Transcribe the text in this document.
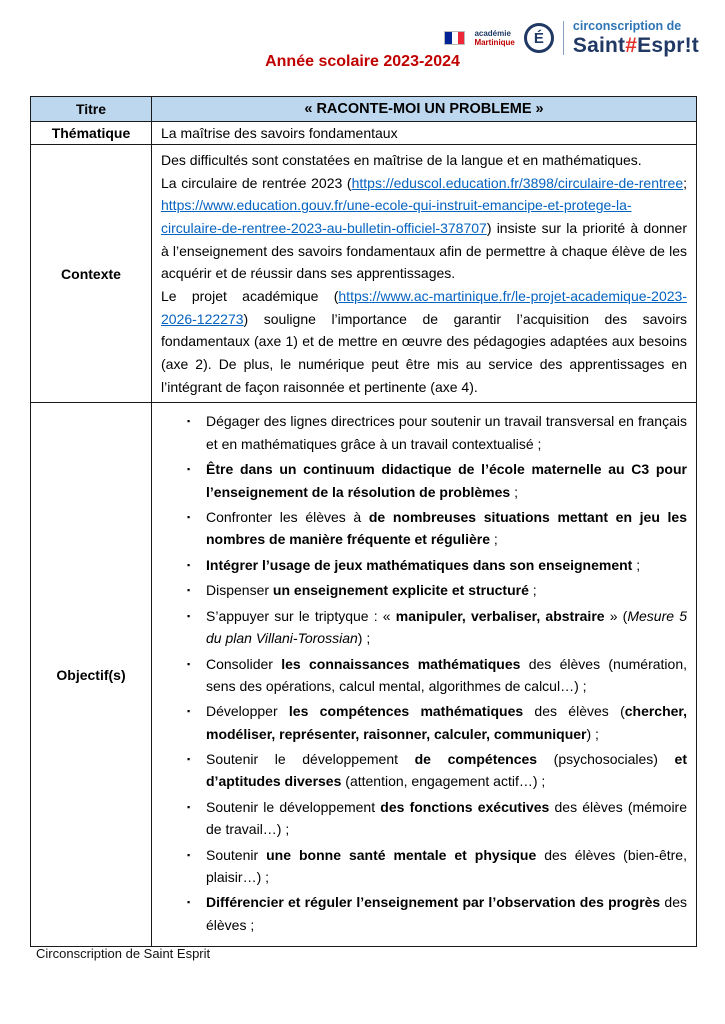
académie
Martinique	É
circonscription de
Saint#Espr!t
Année scolaire 2023-2024
Titre	« RACONTE-MOI UN PROBLEME »
Thématique	La maîtrise des savoirs fondamentaux
Contexte	Des difficultés sont constatées en maîtrise de la langue et en mathématiques.
La circulaire de rentrée 2023 (https://eduscol.education.fr/3898/circulaire-de-rentree; https://www.education.gouv.fr/une-ecole-qui-instruit-emancipe-et-protege-la-circulaire-de-rentree-2023-au-bulletin-officiel-378707) insiste sur la priorité à donner à l’enseignement des savoirs fondamentaux afin de permettre à chaque élève de les acquérir et de réussir dans ses apprentissages.
Le projet académique (https://www.ac-martinique.fr/le-projet-academique-2023-2026-122273) souligne l’importance de garantir l’acquisition des savoirs fondamentaux (axe 1) et de mettre en œuvre des pédagogies adaptées aux besoins (axe 2). De plus, le numérique peut être mis au service des apprentissages en l’intégrant de façon raisonnée et pertinente (axe 4).

Objectif(s)	
▪	Dégager des lignes directrices pour soutenir un travail transversal en français et en mathématiques grâce à un travail contextualisé ;
▪	Être dans un continuum didactique de l’école maternelle au C3 pour l’enseignement de la résolution de problèmes ;
▪	Confronter les élèves à de nombreuses situations mettant en jeu les nombres de manière fréquente et régulière ;
▪	Intégrer l’usage de jeux mathématiques dans son enseignement ;
▪	Dispenser un enseignement explicite et structuré ;
▪	S’appuyer sur le triptyque : « manipuler, verbaliser, abstraire » (Mesure 5 du plan Villani-Torossian) ;
▪	Consolider les connaissances mathématiques des élèves (numération, sens des opérations, calcul mental, algorithmes de calcul…) ;
▪	Développer les compétences mathématiques des élèves (chercher, modéliser, représenter, raisonner, calculer, communiquer) ;
▪	Soutenir le développement de compétences (psychosociales) et d’aptitudes diverses (attention, engagement actif…) ;
▪	Soutenir le développement des fonctions exécutives des élèves (mémoire de travail…) ;
▪	Soutenir une bonne santé mentale et physique des élèves (bien-être, plaisir…) ;
▪	Différencier et réguler l’enseignement par l’observation des progrès des élèves ;
Circonscription de Saint Esprit
